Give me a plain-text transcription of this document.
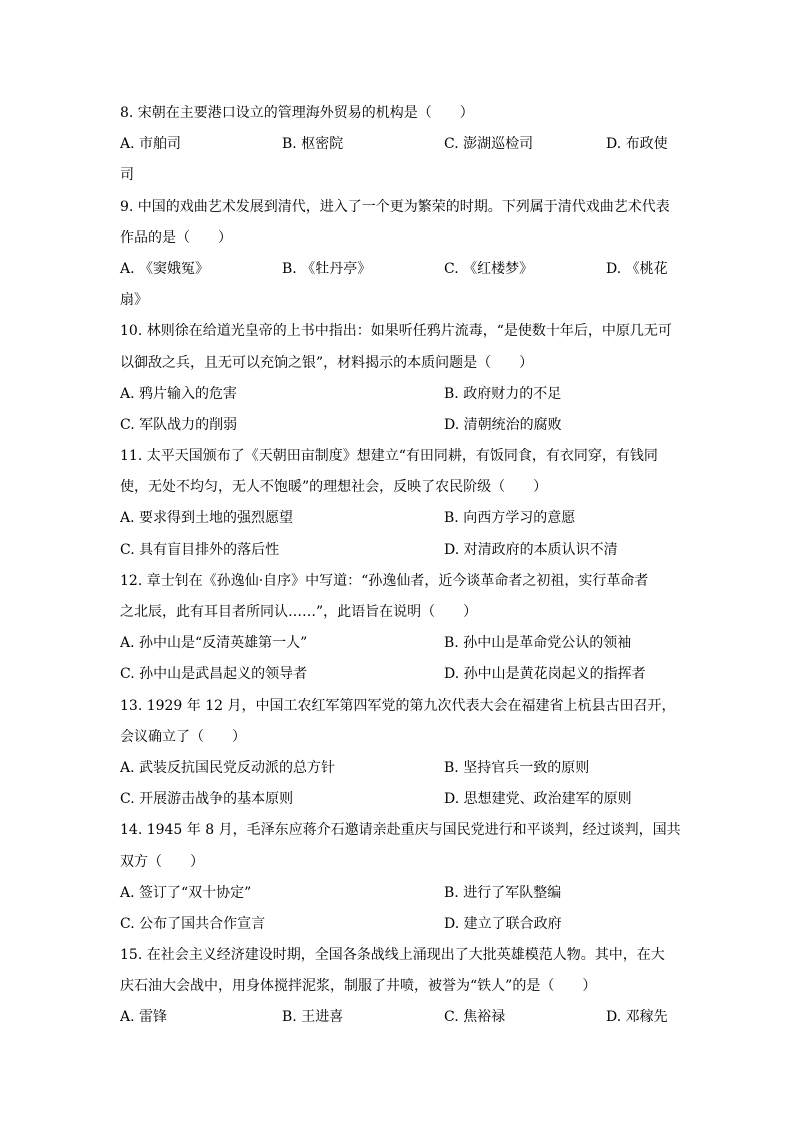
8. 宋朝在主要港口设立的管理海外贸易的机构是（　　）
A. 市舶司	B. 枢密院	C. 澎湖巡检司	D. 布政使
司
9. 中国的戏曲艺术发展到清代，进入了一个更为繁荣的时期。下列属于清代戏曲艺术代表
作品的是（　　）
A. 《窦娥冤》	B. 《牡丹亭》	C. 《红楼梦》	D. 《桃花
扇》
10. 林则徐在给道光皇帝的上书中指出：如果听任鸦片流毒，“是使数十年后，中原几无可
以御敌之兵，且无可以充饷之银”，材料揭示的本质问题是（　　）
A. 鸦片输入的危害	B. 政府财力的不足
C. 军队战力的削弱	D. 清朝统治的腐败
11. 太平天国颁布了《天朝田亩制度》想建立“有田同耕，有饭同食，有衣同穿，有钱同
使，无处不均匀，无人不饱暖”的理想社会，反映了农民阶级（　　）
A. 要求得到土地的强烈愿望	B. 向西方学习的意愿
C. 具有盲目排外的落后性	D. 对清政府的本质认识不清
12. 章士钊在《孙逸仙·自序》中写道：“孙逸仙者，近今谈革命者之初祖，实行革命者
之北辰，此有耳目者所同认……”，此语旨在说明（　　）
A. 孙中山是“反清英雄第一人”	B. 孙中山是革命党公认的领袖
C. 孙中山是武昌起义的领导者	D. 孙中山是黄花岗起义的指挥者
13. 1929 年 12 月，中国工农红军第四军党的第九次代表大会在福建省上杭县古田召开，
会议确立了（　　）
A. 武装反抗国民党反动派的总方针	B. 坚持官兵一致的原则
C. 开展游击战争的基本原则	D. 思想建党、政治建军的原则
14. 1945 年 8 月，毛泽东应蒋介石邀请亲赴重庆与国民党进行和平谈判，经过谈判，国共
双方（　　）
A. 签订了“双十协定”	B. 进行了军队整编
C. 公布了国共合作宣言	D. 建立了联合政府
15. 在社会主义经济建设时期，全国各条战线上涌现出了大批英雄模范人物。其中，在大
庆石油大会战中，用身体搅拌泥浆，制服了井喷，被誉为“铁人”的是（　　）
A. 雷锋	B. 王进喜	C. 焦裕禄	D. 邓稼先
